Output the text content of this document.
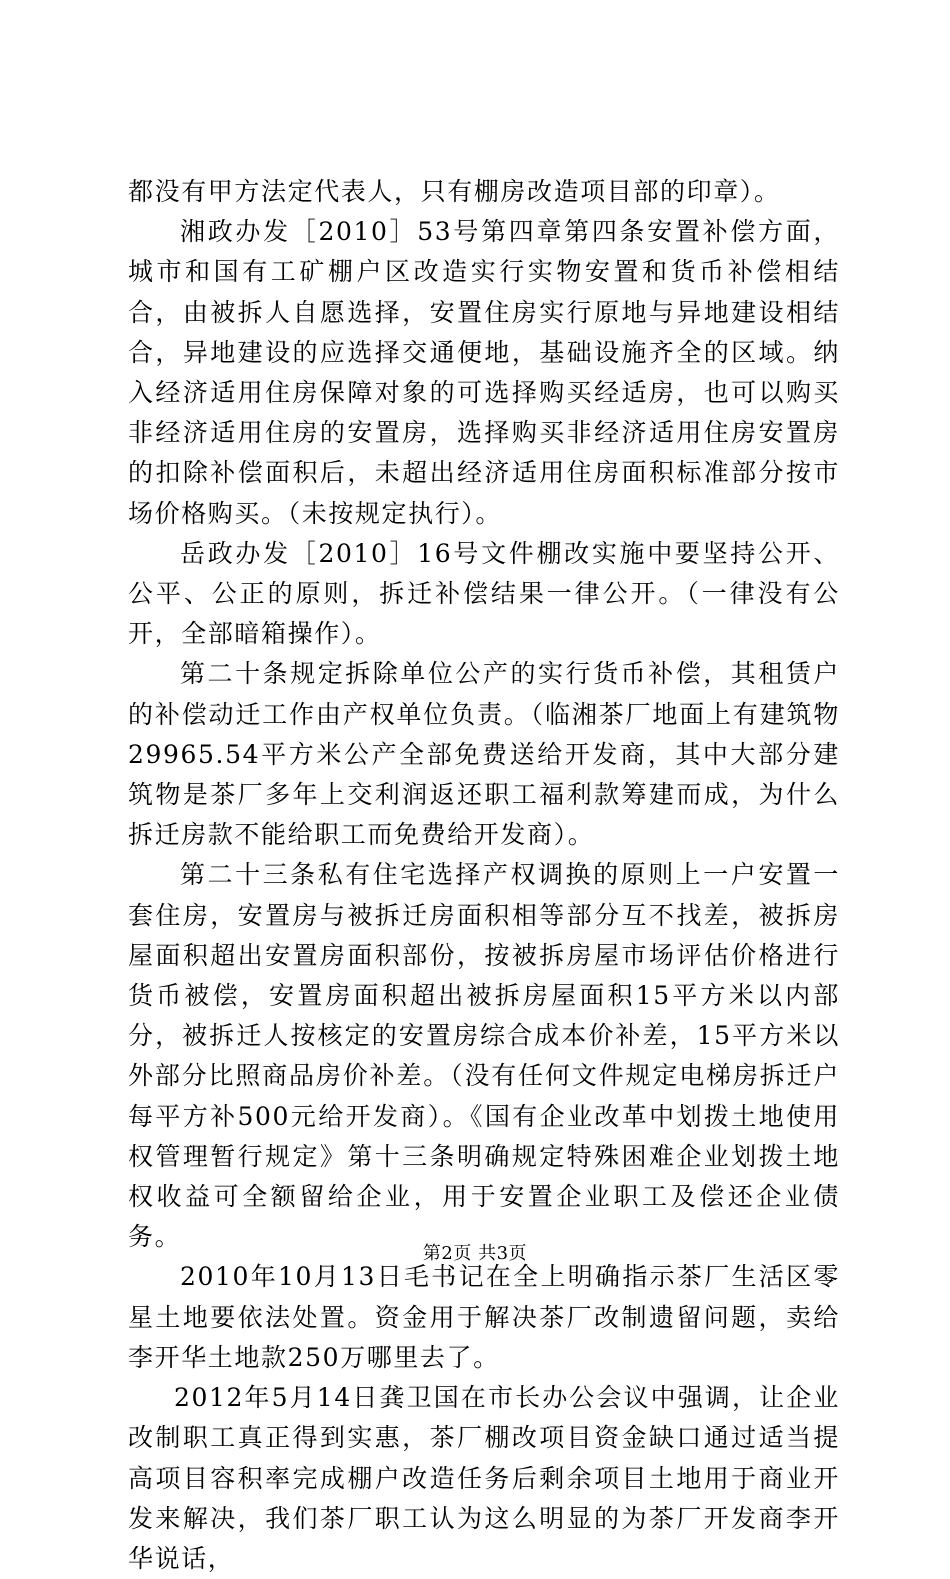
都没有甲方法定代表人，只有棚房改造项目部的印章）。

湘政办发［2010］53号第四章第四条安置补偿方面，城市和国有工矿棚户区改造实行实物安置和货币补偿相结合，由被拆人自愿选择，安置住房实行原地与异地建设相结合，异地建设的应选择交通便地，基础设施齐全的区域。纳入经济适用住房保障对象的可选择购买经适房，也可以购买非经济适用住房的安置房，选择购买非经济适用住房安置房的扣除补偿面积后，未超出经济适用住房面积标准部分按市场价格购买。（未按规定执行）。

岳政办发［2010］16号文件棚改实施中要坚持公开、公平、公正的原则，拆迁补偿结果一律公开。（一律没有公开，全部暗箱操作）。

第二十条规定拆除单位公产的实行货币补偿，其租赁户的补偿动迁工作由产权单位负责。（临湘茶厂地面上有建筑物29965.54平方米公产全部免费送给开发商，其中大部分建筑物是茶厂多年上交利润返还职工福利款筹建而成，为什么拆迁房款不能给职工而免费给开发商）。

第二十三条私有住宅选择产权调换的原则上一户安置一套住房，安置房与被拆迁房面积相等部分互不找差，被拆房屋面积超出安置房面积部份，按被拆房屋市场评估价格进行货币被偿，安置房面积超出被拆房屋面积15平方米以内部分，被拆迁人按核定的安置房综合成本价补差，15平方米以外部分比照商品房价补差。（没有任何文件规定电梯房拆迁户每平方补500元给开发商）。《国有企业改革中划拨土地使用权管理暂行规定》第十三条明确规定特殊困难企业划拨土地权收益可全额留给企业，用于安置企业职工及偿还企业债务。

2010年10月13日毛书记在全上明确指示茶厂生活区零星土地要依法处置。资金用于解决茶厂改制遗留问题，卖给李开华土地款250万哪里去了。

2012年5月14日龚卫国在市长办公会议中强调，让企业改制职工真正得到实惠，茶厂棚改项目资金缺口通过适当提高项目容积率完成棚户改造任务后剩余项目土地用于商业开发来解决，我们茶厂职工认为这么明显的为茶厂开发商李开华说话，

第2页 共3页
